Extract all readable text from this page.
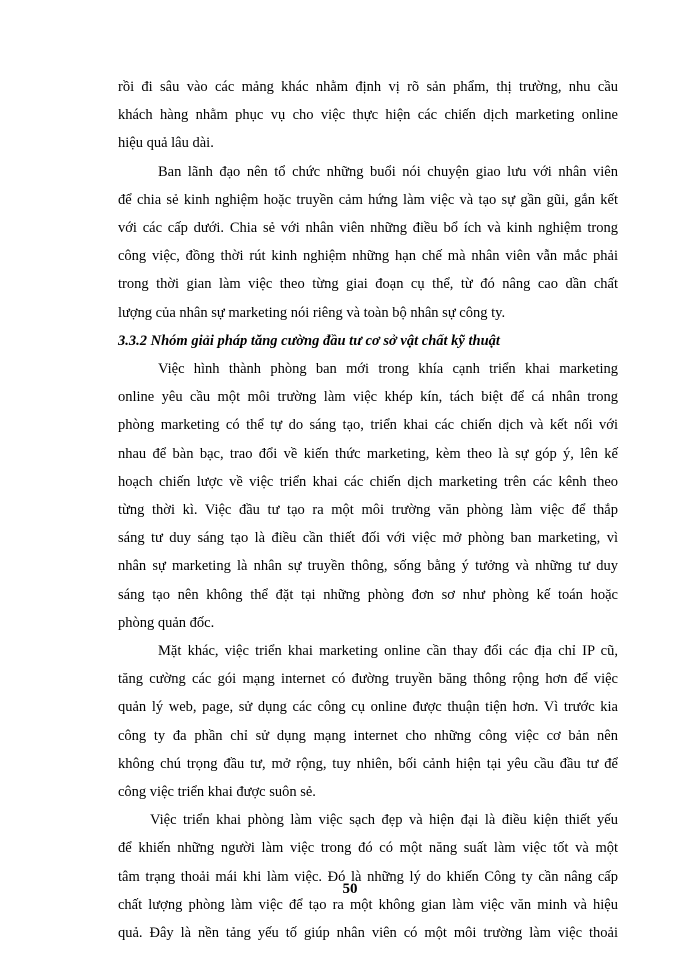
rồi đi sâu vào các mảng khác nhằm định vị rõ sản phẩm, thị trường, nhu cầu
khách hàng nhằm phục vụ cho việc thực hiện các chiến dịch marketing online
hiệu quả lâu dài.
Ban lãnh đạo nên tổ chức những buổi nói chuyện giao lưu với nhân viên
để chia sẻ kinh nghiệm hoặc truyền cảm hứng làm việc và tạo sự gần gũi, gắn kết
với các cấp dưới. Chia sẻ với nhân viên những điều bổ ích và kinh nghiệm trong
công việc, đồng thời rút kinh nghiệm những hạn chế mà nhân viên vẫn mắc phải
trong thời gian làm việc theo từng giai đoạn cụ thể, từ đó nâng cao dần chất
lượng của nhân sự marketing nói riêng và toàn bộ nhân sự công ty.
3.3.2 Nhóm giải pháp tăng cường đầu tư cơ sở vật chất kỹ thuật
Việc hình thành phòng ban mới trong khía cạnh triển khai marketing
online yêu cầu một môi trường làm việc khép kín, tách biệt để cá nhân trong
phòng marketing có thể tự do sáng tạo, triển khai các chiến dịch và kết nối với
nhau để bàn bạc, trao đổi về kiến thức marketing, kèm theo là sự góp ý, lên kế
hoạch chiến lược về việc triển khai các chiến dịch marketing trên các kênh theo
từng thời kì. Việc đầu tư tạo ra một môi trường văn phòng làm việc để thắp
sáng tư duy sáng tạo là điều cần thiết đối với việc mở phòng ban marketing, vì
nhân sự marketing là nhân sự truyền thông, sống bằng ý tưởng và những tư duy
sáng tạo nên không thể đặt tại những phòng đơn sơ như phòng kế toán hoặc
phòng quản đốc.
Mặt khác, việc triển khai marketing online cần thay đổi các địa chỉ IP cũ,
tăng cường các gói mạng internet có đường truyền băng thông rộng hơn để việc
quản lý web, page, sử dụng các công cụ online được thuận tiện hơn. Vì trước kia
công ty đa phần chỉ sử dụng mạng internet cho những công việc cơ bản nên
không chú trọng đầu tư, mở rộng, tuy nhiên, bối cảnh hiện tại yêu cầu đầu tư để
công việc triển khai được suôn sẻ.
Việc triển khai phòng làm việc sạch đẹp và hiện đại là điều kiện thiết yếu
để khiến những người làm việc trong đó có một năng suất làm việc tốt và một
tâm trạng thoải mái khi làm việc. Đó là những lý do khiến Công ty cần nâng cấp
chất lượng phòng làm việc để tạo ra một không gian làm việc văn minh và hiệu
quả. Đây là nền tảng yếu tố giúp nhân viên có một môi trường làm việc thoải
50
